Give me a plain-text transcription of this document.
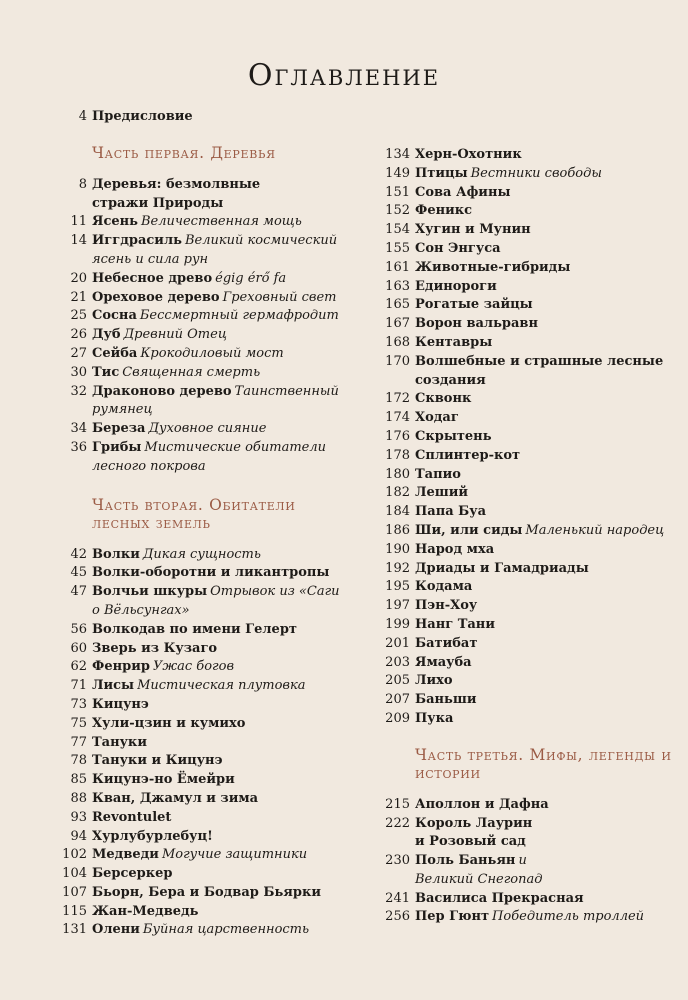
Оглавление
4 Предисловие
Часть первая. Деревья
8 Деревья: безмолвные стражи Природы
11 Ясень Величественная мощь
14 Иггдрасиль Великий космический ясень и сила рун
20 Небесное древо égig érő fa
21 Ореховое дерево Греховный свет
25 Сосна Бессмертный гермафродит
26 Дуб Древний Отец
27 Сейба Крокодиловый мост
30 Тис Священная смерть
32 Драконово дерево Таинственный румянец
34 Береза Духовное сияние
36 Грибы Мистические обитатели лесного покрова
Часть вторая. Обитатели лесных земель
42 Волки Дикая сущность
45 Волки-оборотни и ликантропы
47 Волчьи шкуры Отрывок из «Саги о Вёльсунгах»
56 Волкодав по имени Гелерт
60 Зверь из Кузаго
62 Фенрир Ужас богов
71 Лисы Мистическая плутовка
73 Кицунэ
75 Хули-цзин и кумихо
77 Тануки
78 Тануки и Кицунэ
85 Кицунэ-но Ёмейри
88 Кван, Джамул и зима
93 Revontulet
94 Хурлубурлебуц!
102 Медведи Могучие защитники
104 Берсеркер
107 Бьорн, Бера и Бодвар Бьярки
115 Жан-Медведь
131 Олени Буйная царственность
134 Херн-Охотник
149 Птицы Вестники свободы
151 Сова Афины
152 Феникс
154 Хугин и Мунин
155 Сон Энгуса
161 Животные-гибриды
163 Единороги
165 Рогатые зайцы
167 Ворон вальравн
168 Кентавры
170 Волшебные и страшные лесные создания
172 Сквонк
174 Ходаг
176 Скрытень
178 Сплинтер-кот
180 Тапио
182 Леший
184 Папа Буа
186 Ши, или сиды Маленький народец
190 Народ мха
192 Дриады и Гамадриады
195 Кодама
197 Пэн-Хоу
199 Нанг Тани
201 Батибат
203 Ямауба
205 Лихо
207 Баньши
209 Пука
Часть третья. Мифы, легенды и истории
215 Аполлон и Дафна
222 Король Лаурин и Розовый сад
230 Поль Баньян и Великий Снегопад
241 Василиса Прекрасная
256 Пер Гюнт Победитель троллей
